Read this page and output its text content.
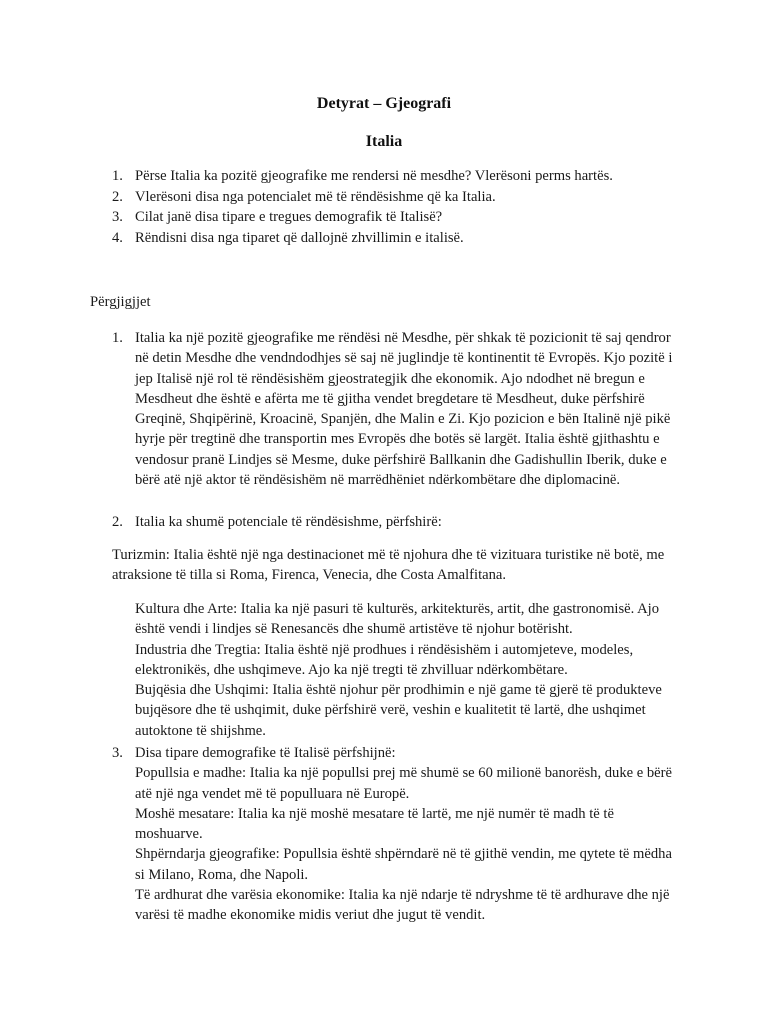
Detyrat – Gjeografi
Italia
1. Përse Italia ka pozitë gjeografike me rendersi në mesdhe? Vlerësoni perms hartës.
2. Vlerësoni disa nga potencialet më të rëndësishme që ka Italia.
3. Cilat janë disa tipare e tregues demografik të Italisë?
4. Rëndisni disa nga tiparet që dallojnë zhvillimin e italisë.
Përgjigjjet
1. Italia ka një pozitë gjeografike me rëndësi në Mesdhe, për shkak të pozicionit të saj qendror në detin Mesdhe dhe vendndodhjes së saj në juglindje të kontinentit të Evropës. Kjo pozitë i jep Italisë një rol të rëndësishëm gjeostrategjik dhe ekonomik. Ajo ndodhet në bregun e Mesdheut dhe është e afërta me të gjitha vendet bregdetare të Mesdheut, duke përfshirë Greqinë, Shqipërinë, Kroacinë, Spanjën, dhe Malin e Zi. Kjo pozicion e bën Italinë një pikë hyrje për tregtinë dhe transportin mes Evropës dhe botës së largët. Italia është gjithashtu e vendosur pranë Lindjes së Mesme, duke përfshirë Ballkanin dhe Gadishullin Iberik, duke e bërë atë një aktor të rëndësishëm në marrëdhëniet ndërkombëtare dhe diplomacinë.
2. Italia ka shumë potenciale të rëndësishme, përfshirë:
Turizmin: Italia është një nga destinacionet më të njohura dhe të vizituara turistike në botë, me atraksione të tilla si Roma, Firenca, Venecia, dhe Costa Amalfitana.

Kultura dhe Arte: Italia ka një pasuri të kulturës, arkitekturës, artit, dhe gastronomisë. Ajo është vendi i lindjes së Renesancës dhe shumë artistëve të njohur botërisht.

Industria dhe Tregtia: Italia është një prodhues i rëndësishëm i automjeteve, modeles, elektronikës, dhe ushqimeve. Ajo ka një tregti të zhvilluar ndërkombëtare.

Bujqësia dhe Ushqimi: Italia është njohur për prodhimin e një game të gjerë të produkteve bujqësore dhe të ushqimit, duke përfshirë verë, veshin e kualitetit të lartë, dhe ushqimet autoktone të shijshme.

3. Disa tipare demografike të Italisë përfshijnë:

Popullsia e madhe: Italia ka një popullsi prej më shumë se 60 milionë banorësh, duke e bërë atë një nga vendet më të populluara në Europë.

Moshë mesatare: Italia ka një moshë mesatare të lartë, me një numër të madh të të moshuarve.

Shpërndarja gjeografike: Popullsia është shpërndarë në të gjithë vendin, me qytete të mëdha si Milano, Roma, dhe Napoli.

Të ardhurat dhe varësia ekonomike: Italia ka një ndarje të ndryshme të të ardhurave dhe një varësi të madhe ekonomike midis veriut dhe jugut të vendit.
